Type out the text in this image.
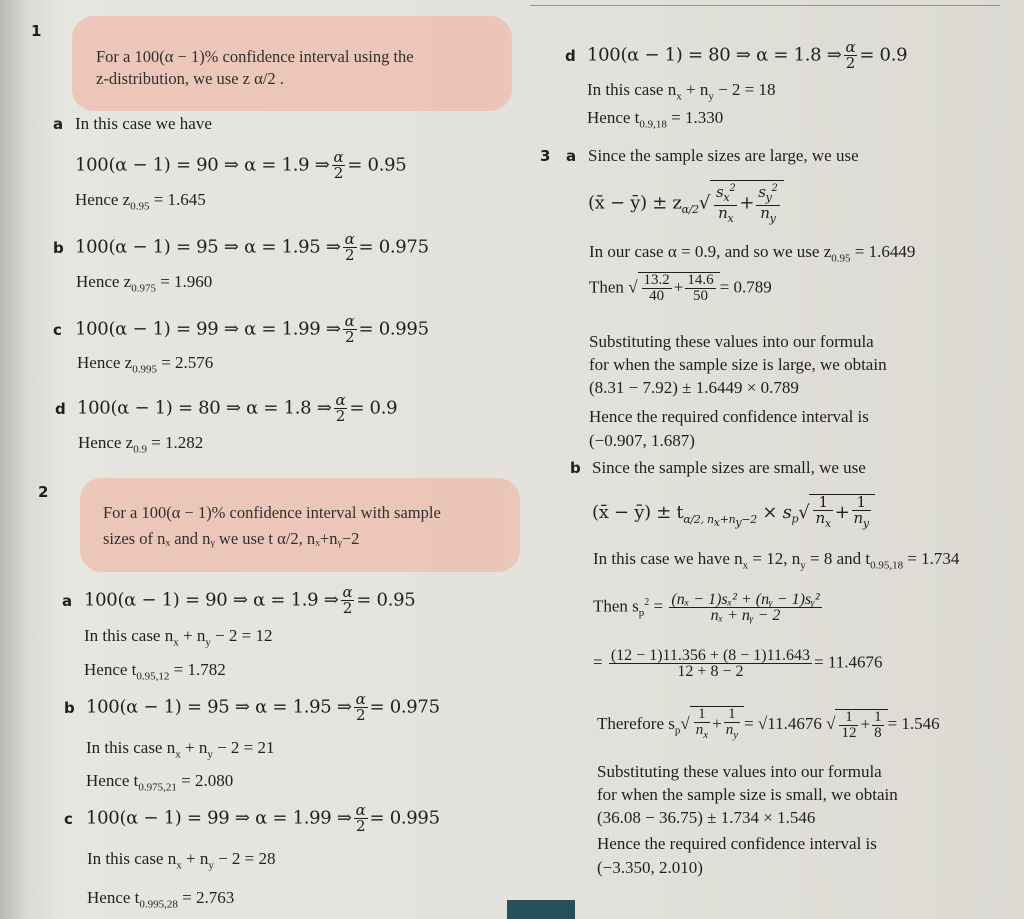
1
For a 100(α − 1)% confidence interval using the
z-distribution, we use z α/2 .
a In this case we have
100(α − 1) = 90 ⇒ α = 1.9 ⇒ $\frac{\alpha}{2} = 0.95$
Hence $z_{0.95} = 1.645$
b 100(α − 1) = 95 ⇒ α = 1.95 ⇒ $\frac{\alpha}{2} = 0.975$
Hence $z_{0.975} = 1.960$
c 100(α − 1) = 99 ⇒ α = 1.99 ⇒ $\frac{\alpha}{2} = 0.995$
Hence $z_{0.995} = 2.576$
d 100(α − 1) = 80 ⇒ α = 1.8 ⇒ $\frac{\alpha}{2} = 0.9$
Hence $z_{0.9} = 1.282$
2
For a 100(α − 1)% confidence interval with sample
sizes of nₓ and nᵧ we use t α/2, nₓ+nᵧ−2
a 100(α − 1) = 90 ⇒ α = 1.9 ⇒ $\frac{\alpha}{2} = 0.95$
In this case $n_x + n_y - 2 = 12$
Hence $t_{0.95,12} = 1.782$
b 100(α − 1) = 95 ⇒ α = 1.95 ⇒ $\frac{\alpha}{2} = 0.975$
In this case $n_x + n_y - 2 = 21$
Hence $t_{0.975,21} = 2.080$
c 100(α − 1) = 99 ⇒ α = 1.99 ⇒ $\frac{\alpha}{2} = 0.995$
In this case $n_x + n_y - 2 = 28$
Hence $t_{0.995,28} = 2.763$
d 100(α − 1) = 80 ⇒ α = 1.8 ⇒ $\frac{\alpha}{2} = 0.9$
In this case $n_x + n_y - 2 = 18$
Hence $t_{0.9,18} = 1.330$
3 a Since the sample sizes are large, we use
(x̄ − ȳ) ± $z_{\alpha/2}√ \frac{s_x^2}{n_x} + \frac{s_y^2}{n_y}$
In our case α = 0.9, and so we use $z_{0.95} = 1.6449$
Then √ $\frac{13.2}{40} + \frac{14.6}{50} = 0.789$
Substituting these values into our formula
for when the sample size is large, we obtain
(8.31 − 7.92) ± 1.6449 × 0.789
Hence the required confidence interval is
(−0.907, 1.687)
b Since the sample sizes are small, we use
(x̄ − ȳ) ± $t_{\alpha/2, n_x+n_y-2} \times s_p√ \frac{1}{n_x} + \frac{1}{n_y}$
In this case we have $n_x = 12$, $n_y = 8$ and $t_{0.95,18} = 1.734$
Then $s_p^2 = \frac{\text{(nₓ − 1)sₓ² + (nᵧ − 1)sᵧ²}}{\text{nₓ + nᵧ − 2}}$
= $\frac{(12 - 1)11.356 + (8 - 1)11.643}{12 + 8 - 2} = 11.4676$
Therefore $s_p√ \frac{1}{n_x} + \frac{1}{n_y} = √11.4676$ √ $\frac{1}{12} + \frac{1}{8} = 1.546$
Substituting these values into our formula
for when the sample size is small, we obtain
(36.08 − 36.75) ± 1.734 × 1.546
Hence the required confidence interval is
(−3.350, 2.010)
